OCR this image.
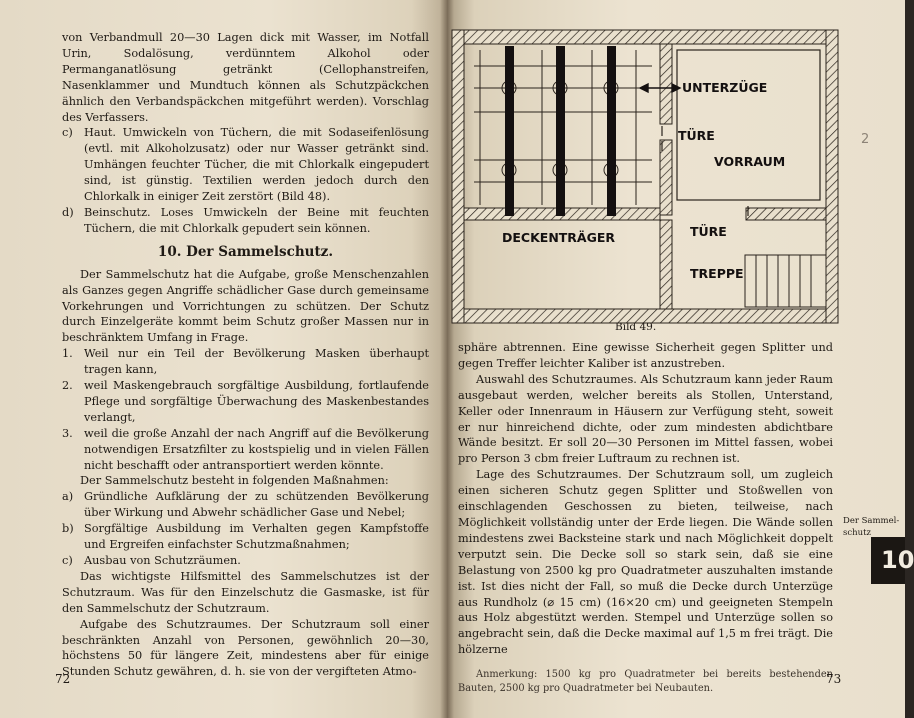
von Verbandmull 20—30 Lagen dick mit Wasser, im Notfall Urin, Sodalösung, verdünntem Alkohol oder Permanganatlösung getränkt (Cellophanstreifen, Nasenklammer und Mundtuch können als Schutzpäckchen ähnlich den Verbandspäckchen mitgeführt werden). Vorschlag des Verfassers.

c) Haut. Umwickeln von Tüchern, die mit Sodaseifenlösung (evtl. mit Alkoholzusatz) oder nur Wasser getränkt sind. Umhängen feuchter Tücher, die mit Chlorkalk eingepudert sind, ist günstig. Textilien werden jedoch durch den Chlorkalk in einiger Zeit zerstört (Bild 48).
d) Beinschutz. Loses Umwickeln der Beine mit feuchten Tüchern, die mit Chlorkalk gepudert sein können.

10. Der Sammelschutz.

Der Sammelschutz hat die Aufgabe, große Menschenzahlen als Ganzes gegen Angriffe schädlicher Gase durch gemeinsame Vorkehrungen und Vorrichtungen zu schützen. Der Schutz durch Einzelgeräte kommt beim Schutz großer Massen nur in beschränktem Umfang in Frage.

1. Weil nur ein Teil der Bevölkerung Masken überhaupt tragen kann,
2. weil Maskengebrauch sorgfältige Ausbildung, fortlaufende Pflege und sorgfältige Überwachung des Maskenbestandes verlangt,
3. weil die große Anzahl der nach Angriff auf die Bevölkerung notwendigen Ersatzfilter zu kostspielig und in vielen Fällen nicht beschafft oder antransportiert werden könnte.

Der Sammelschutz besteht in folgenden Maßnahmen:

a) Gründliche Aufklärung der zu schützenden Bevölkerung über Wirkung und Abwehr schädlicher Gase und Nebel;
b) Sorgfältige Ausbildung im Verhalten gegen Kampfstoffe und Ergreifen einfachster Schutzmaßnahmen;
c) Ausbau von Schutzräumen.

Das wichtigste Hilfsmittel des Sammelschutzes ist der Schutzraum. Was für den Einzelschutz die Gasmaske, ist für den Sammelschutz der Schutzraum.

Aufgabe des Schutzraumes. Der Schutzraum soll einer beschränkten Anzahl von Personen, gewöhnlich 20—30, höchstens 50 für längere Zeit, mindestens aber für einige Stunden Schutz gewähren, d. h. sie von der vergifteten Atmo-

72
UNTERZÜGE
TÜRE
VORRAUM
DECKENTRÄGER	TÜRE
TREPPE
Bild 49.

sphäre abtrennen. Eine gewisse Sicherheit gegen Splitter und gegen Treffer leichter Kaliber ist anzustreben.

Auswahl des Schutzraumes. Als Schutzraum kann jeder Raum ausgebaut werden, welcher bereits als Stollen, Unterstand, Keller oder Innenraum in Häusern zur Verfügung steht, soweit er nur hinreichend dichte, oder zum mindesten abdichtbare Wände besitzt. Er soll 20—30 Personen im Mittel fassen, wobei pro Person 3 cbm freier Luftraum zu rechnen ist.

Lage des Schutzraumes. Der Schutzraum soll, um zugleich einen sicheren Schutz gegen Splitter und Stoßwellen von einschlagenden Geschossen zu bieten, teilweise, nach Möglichkeit vollständig unter der Erde liegen. Die Wände sollen mindestens zwei Backsteine stark und nach Möglichkeit doppelt verputzt sein. Die Decke soll so stark sein, daß sie eine Belastung von 2500 kg pro Quadratmeter auszuhalten imstande ist. Ist dies nicht der Fall, so muß die Decke durch Unterzüge aus Rundholz (⌀ 15 cm) (16×20 cm) und geeigneten Stempeln aus Holz abgestützt werden. Stempel und Unterzüge sollen so angebracht sein, daß die Decke maximal auf 1,5 m frei trägt. Die hölzerne

Anmerkung: 1500 kg pro Quadratmeter bei bereits bestehenden Bauten, 2500 kg pro Quadratmeter bei Neubauten.

Der Sammel-schutz
10
2
73
